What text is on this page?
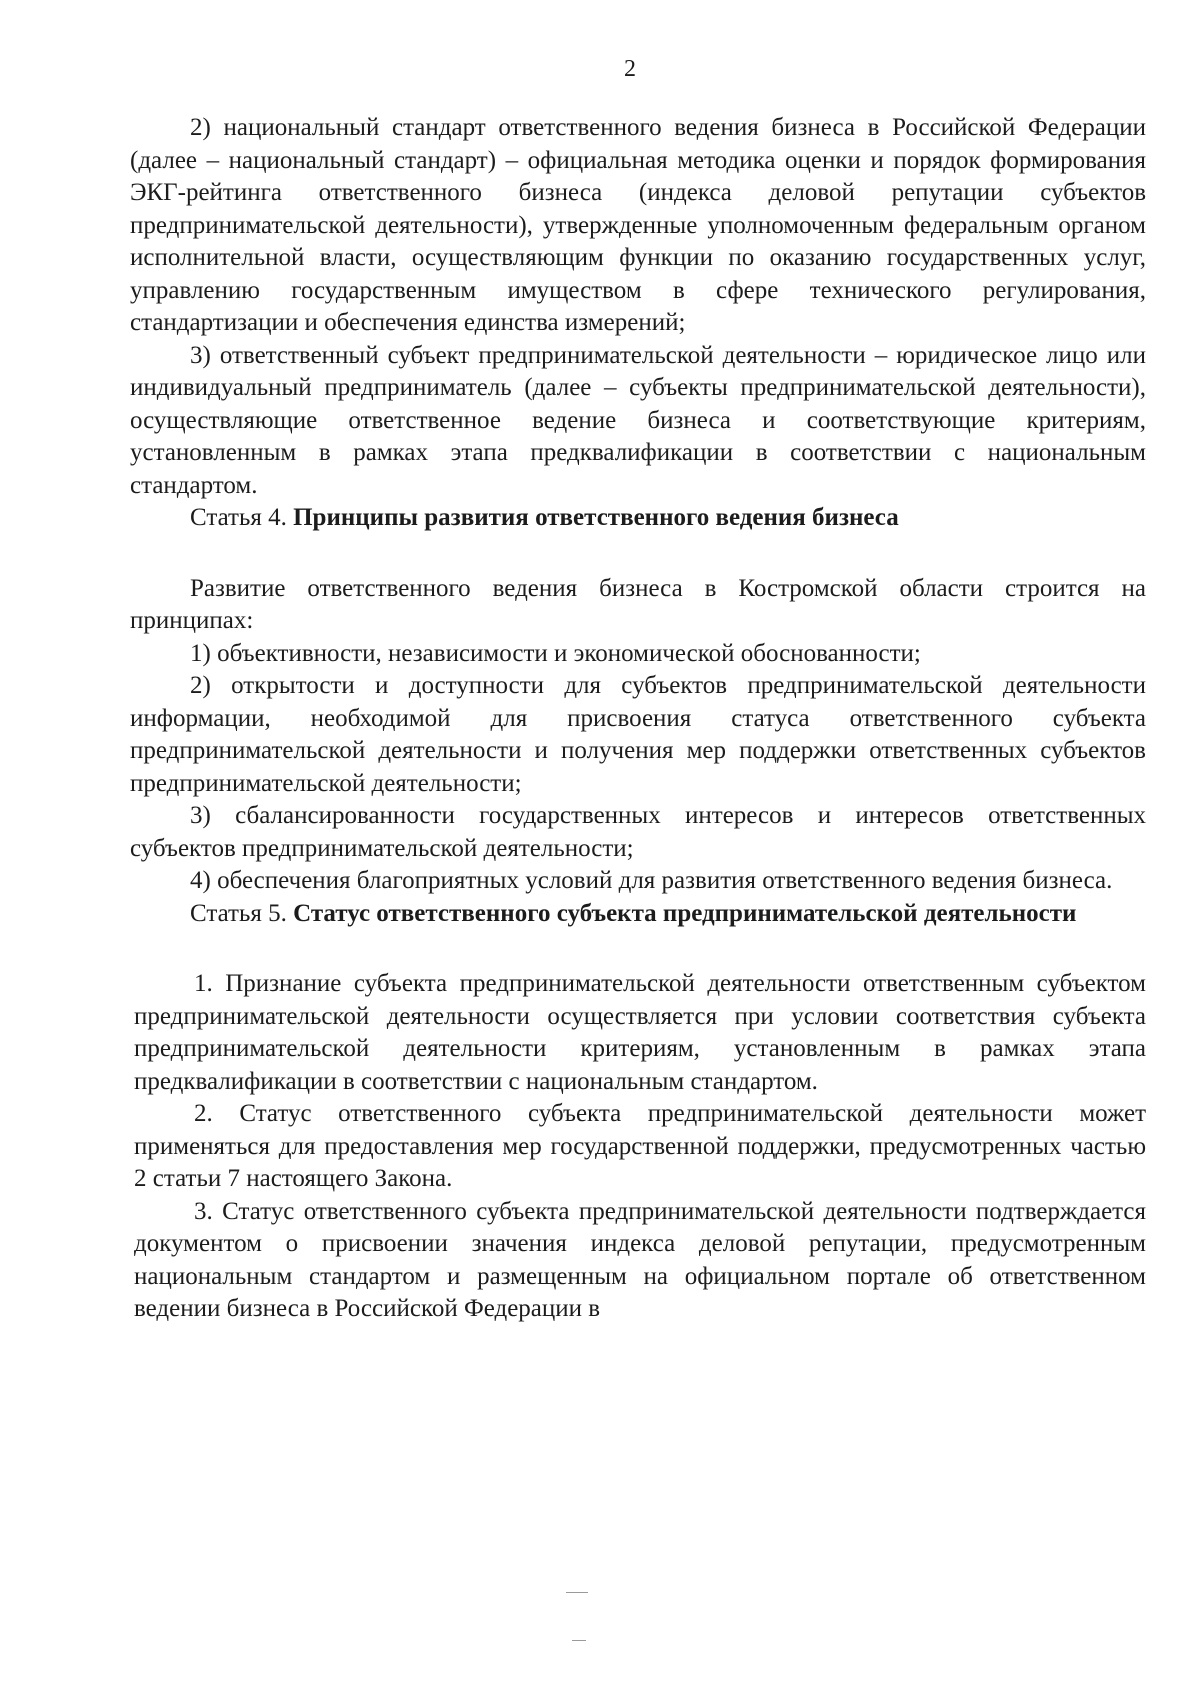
2

2) национальный стандарт ответственного ведения бизнеса в Российской Федерации (далее – национальный стандарт) – официальная методика оценки и порядок формирования ЭКГ-рейтинга ответственного бизнеса (индекса деловой репутации субъектов предпринимательской деятельности), утвержденные уполномоченным федеральным органом исполнительной власти, осуществляющим функции по оказанию государственных услуг, управлению государственным имуществом в сфере технического регулирования, стандартизации и обеспечения единства измерений;

3) ответственный субъект предпринимательской деятельности – юридическое лицо или индивидуальный предприниматель (далее – субъекты предпринимательской деятельности), осуществляющие ответственное ведение бизнеса и соответствующие критериям, установленным в рамках этапа предквалификации в соответствии с национальным стандартом.

Статья 4. Принципы развития ответственного ведения бизнеса

Развитие ответственного ведения бизнеса в Костромской области строится на принципах:

1) объективности, независимости и экономической обоснованности;

2) открытости и доступности для субъектов предпринимательской деятельности информации, необходимой для присвоения статуса ответственного субъекта предпринимательской деятельности и получения мер поддержки ответственных субъектов предпринимательской деятельности;

3) сбалансированности государственных интересов и интересов ответственных субъектов предпринимательской деятельности;

4) обеспечения благоприятных условий для развития ответственного ведения бизнеса.

Статья 5. Статус ответственного субъекта предпринимательской деятельности

1. Признание субъекта предпринимательской деятельности ответственным субъектом предпринимательской деятельности осуществляется при условии соответствия субъекта предпринимательской деятельности критериям, установленным в рамках этапа предквалификации в соответствии с национальным стандартом.

2. Статус ответственного субъекта предпринимательской деятельности может применяться для предоставления мер государственной поддержки, предусмотренных частью 2 статьи 7 настоящего Закона.

3. Статус ответственного субъекта предпринимательской деятельности подтверждается документом о присвоении значения индекса деловой репутации, предусмотренным национальным стандартом и размещенным на официальном портале об ответственном ведении бизнеса в Российской Федерации в
